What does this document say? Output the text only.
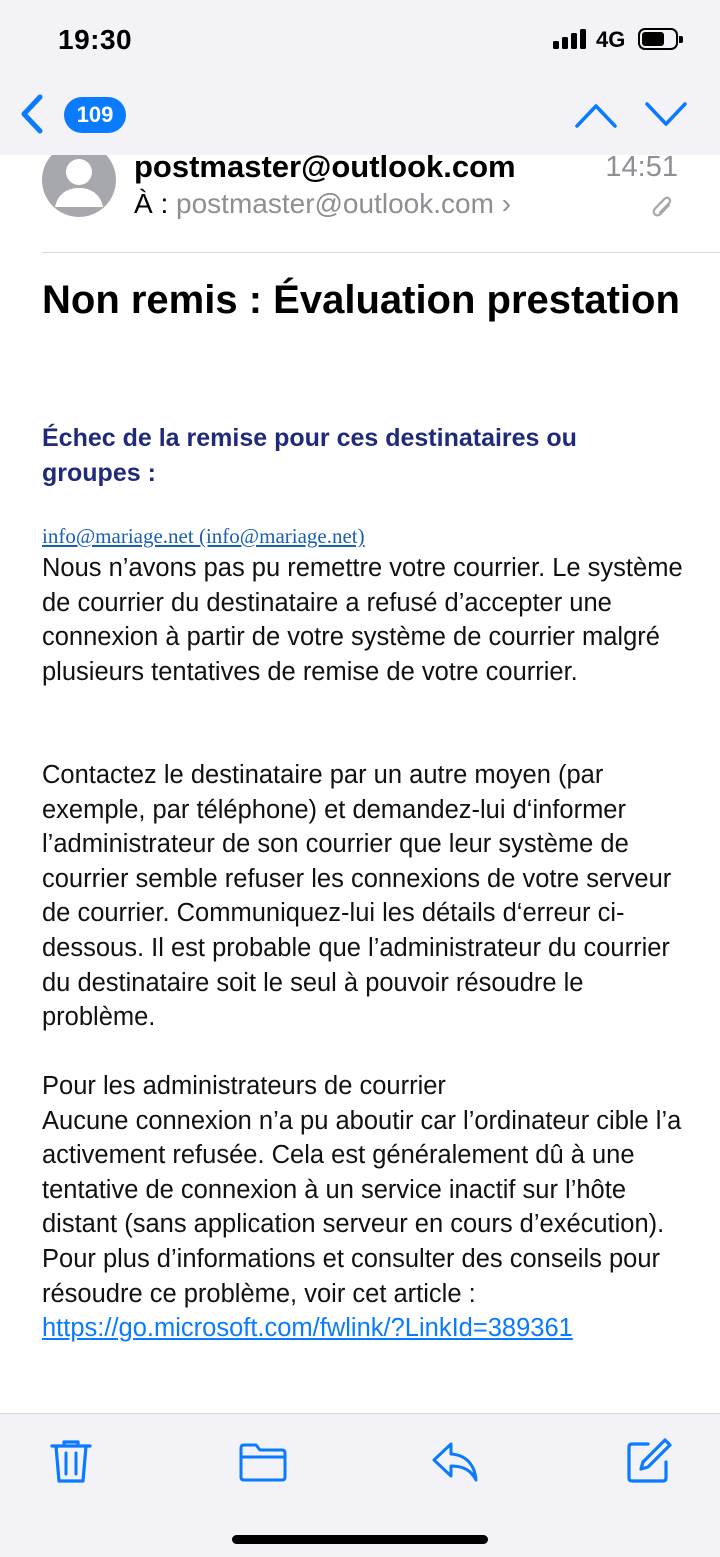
19:30	4G
109
postmaster@outlook.com
À : postmaster@outlook.com ›
14:51
Non remis : Évaluation prestation
Échec de la remise pour ces destinataires ou groupes :
info@mariage.net (info@mariage.net)
Nous n’avons pas pu remettre votre courrier. Le système de courrier du destinataire a refusé d’accepter une connexion à partir de votre système de courrier malgré plusieurs tentatives de remise de votre courrier.
Contactez le destinataire par un autre moyen (par exemple, par téléphone) et demandez-lui d‘informer l’administrateur de son courrier que leur système de courrier semble refuser les connexions de votre serveur de courrier. Communiquez-lui les détails d‘erreur ci-dessous. Il est probable que l’administrateur du courrier du destinataire soit le seul à pouvoir résoudre le problème.
Pour les administrateurs de courrier
Aucune connexion n’a pu aboutir car l’ordinateur cible l’a activement refusée. Cela est généralement dû à une tentative de connexion à un service inactif sur l’hôte distant (sans application serveur en cours d’exécution). Pour plus d’informations et consulter des conseils pour résoudre ce problème, voir cet article : https://go.microsoft.com/fwlink/?LinkId=389361
